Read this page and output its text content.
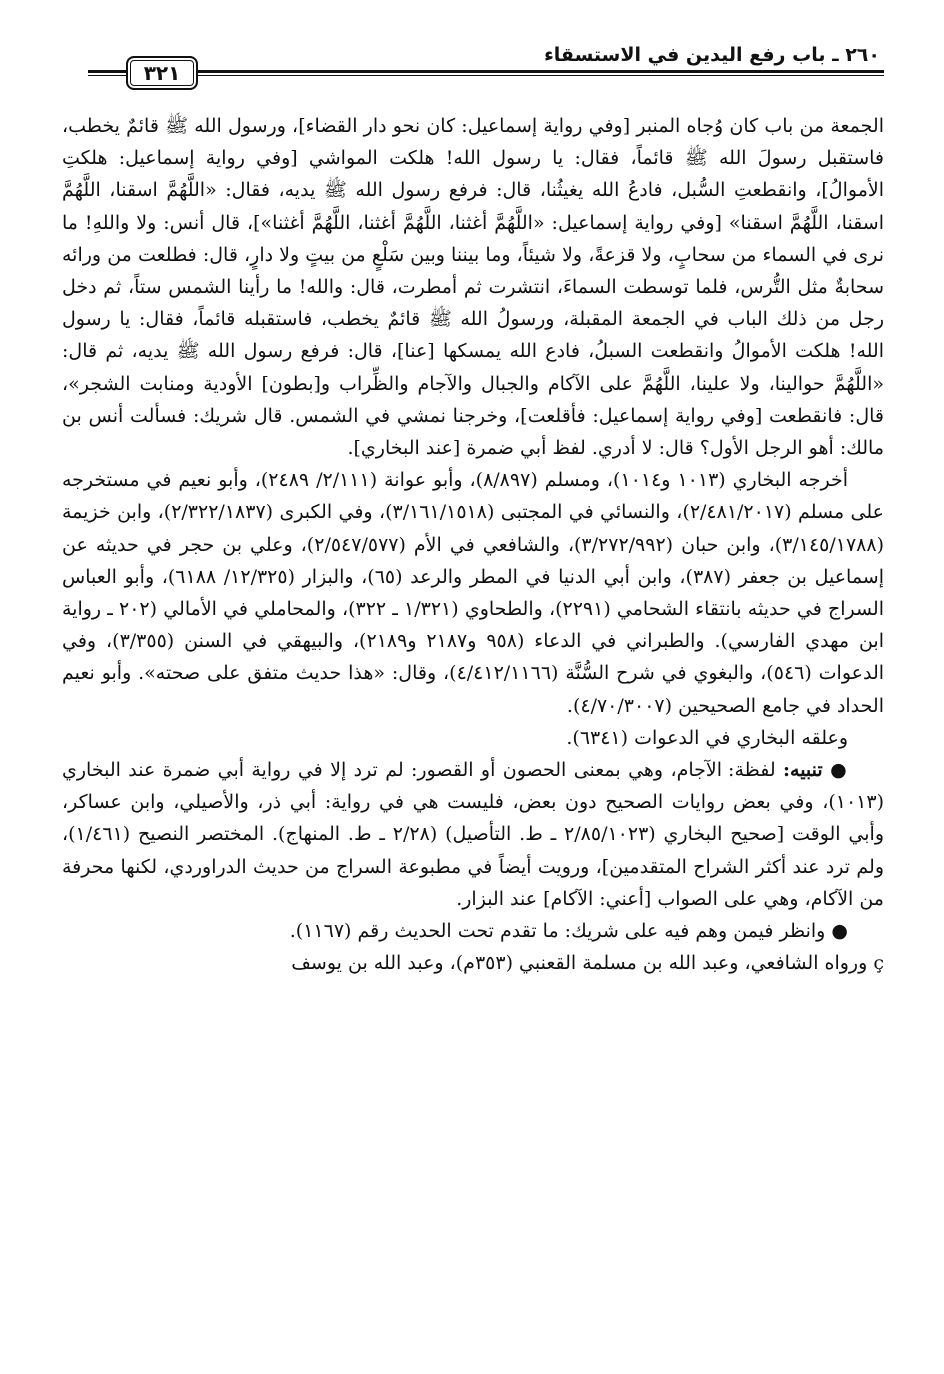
٢٦٠ ـ باب رفع اليدين في الاستسقاء
٣٢١

الجمعة من باب كان وُجاه المنبر [وفي رواية إسماعيل: كان نحو دار القضاء]، ورسول الله ﷺ قائمٌ يخطب، فاستقبل رسولَ الله ﷺ قائماً، فقال: يا رسول الله! هلكت المواشي [وفي رواية إسماعيل: هلكتِ الأموالُ]، وانقطعتِ السُّبل، فادعُ الله يغيثُنا، قال: فرفع رسول الله ﷺ يديه، فقال: «اللَّهُمَّ اسقنا، اللَّهُمَّ اسقنا، اللَّهُمَّ اسقنا» [وفي رواية إسماعيل: «اللَّهُمَّ أغثنا، اللَّهُمَّ أغثنا، اللَّهُمَّ أغثنا»]، قال أنس: ولا واللهِ! ما نرى في السماء من سحابٍ، ولا قزعةً، ولا شيئاً، وما بيننا وبين سَلْعٍ من بيتٍ ولا دارٍ، قال: فطلعت من ورائه سحابةٌ مثل التُّرس، فلما توسطت السماءَ، انتشرت ثم أمطرت، قال: والله! ما رأينا الشمس ستاً، ثم دخل رجل من ذلك الباب في الجمعة المقبلة، ورسولُ الله ﷺ قائمٌ يخطب، فاستقبله قائماً، فقال: يا رسول الله! هلكت الأموالُ وانقطعت السبلُ، فادع الله يمسكها [عنا]، قال: فرفع رسول الله ﷺ يديه، ثم قال: «اللَّهُمَّ حوالينا، ولا علينا، اللَّهُمَّ على الآكام والجبال والآجام والظِّراب و[بطون] الأودية ومنابت الشجر»، قال: فانقطعت [وفي رواية إسماعيل: فأقلعت]، وخرجنا نمشي في الشمس. قال شريك: فسألت أنس بن مالك: أهو الرجل الأول؟ قال: لا أدري. لفظ أبي ضمرة [عند البخاري].

أخرجه البخاري (١٠١٣ و١٠١٤)، ومسلم (٨/٨٩٧)، وأبو عوانة (٢/١١١/ ٢٤٨٩)، وأبو نعيم في مستخرجه على مسلم (٢/٤٨١/٢٠١٧)، والنسائي في المجتبى (٣/١٦١/١٥١٨)، وفي الكبرى (٢/٣٢٢/١٨٣٧)، وابن خزيمة (٣/١٤٥/١٧٨٨)، وابن حبان (٣/٢٧٢/٩٩٢)، والشافعي في الأم (٢/٥٤٧/٥٧٧)، وعلي بن حجر في حديثه عن إسماعيل بن جعفر (٣٨٧)، وابن أبي الدنيا في المطر والرعد (٦٥)، والبزار (١٢/٣٢٥/ ٦١٨٨)، وأبو العباس السراج في حديثه بانتقاء الشحامي (٢٢٩١)، والطحاوي (١/٣٢١ ـ ٣٢٢)، والمحاملي في الأمالي (٢٠٢ ـ رواية ابن مهدي الفارسي). والطبراني في الدعاء (٩٥٨ و٢١٨٧ و٢١٨٩)، والبيهقي في السنن (٣/٣٥٥)، وفي الدعوات (٥٤٦)، والبغوي في شرح السُّنَّة (٤/٤١٢/١١٦٦)، وقال: «هذا حديث متفق على صحته». وأبو نعيم الحداد في جامع الصحيحين (٤/٧٠/٣٠٠٧).

وعلقه البخاري في الدعوات (٦٣٤١).

● تنبيه: لفظة: الآجام، وهي بمعنى الحصون أو القصور: لم ترد إلا في رواية أبي ضمرة عند البخاري (١٠١٣)، وفي بعض روايات الصحيح دون بعض، فليست هي في رواية: أبي ذر، والأصيلي، وابن عساكر، وأبي الوقت [صحيح البخاري (٢/٨٥/١٠٢٣ ـ ط. التأصيل) (٢/٢٨ ـ ط. المنهاج). المختصر النصيح (١/٤٦١)، ولم ترد عند أكثر الشراح المتقدمين]، ورويت أيضاً في مطبوعة السراج من حديث الدراوردي، لكنها محرفة من الآكام، وهي على الصواب [أعني: الآكام] عند البزار.

● وانظر فيمن وهم فيه على شريك: ما تقدم تحت الحديث رقم (١١٦٧).

ç ورواه الشافعي، وعبد الله بن مسلمة القعنبي (٣٥٣م)، وعبد الله بن يوسف
